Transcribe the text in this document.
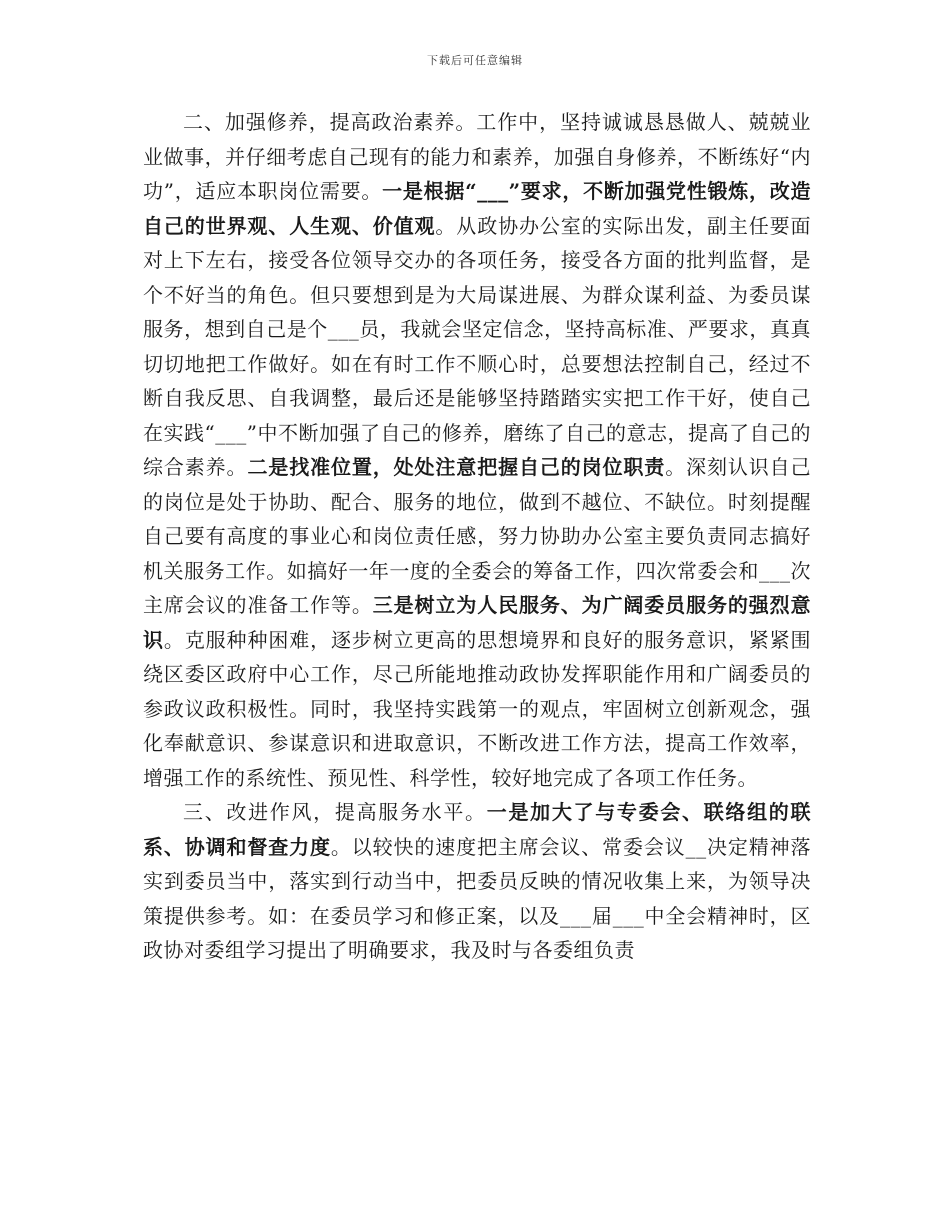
下载后可任意编辑

二、加强修养，提高政治素养。工作中，坚持诚诚恳恳做人、兢兢业业做事，并仔细考虑自己现有的能力和素养，加强自身修养，不断练好“内功”，适应本职岗位需要。一是根据“___”要求，不断加强党性锻炼，改造自己的世界观、人生观、价值观。从政协办公室的实际出发，副主任要面对上下左右，接受各位领导交办的各项任务，接受各方面的批判监督，是个不好当的角色。但只要想到是为大局谋进展、为群众谋利益、为委员谋服务，想到自己是个___员，我就会坚定信念，坚持高标准、严要求，真真切切地把工作做好。如在有时工作不顺心时，总要想法控制自己，经过不断自我反思、自我调整，最后还是能够坚持踏踏实实把工作干好，使自己在实践“___”中不断加强了自己的修养，磨练了自己的意志，提高了自己的综合素养。二是找准位置，处处注意把握自己的岗位职责。深刻认识自己的岗位是处于协助、配合、服务的地位，做到不越位、不缺位。时刻提醒自己要有高度的事业心和岗位责任感，努力协助办公室主要负责同志搞好机关服务工作。如搞好一年一度的全委会的筹备工作，四次常委会和___次主席会议的准备工作等。三是树立为人民服务、为广阔委员服务的强烈意识。克服种种困难，逐步树立更高的思想境界和良好的服务意识，紧紧围绕区委区政府中心工作，尽己所能地推动政协发挥职能作用和广阔委员的参政议政积极性。同时，我坚持实践第一的观点，牢固树立创新观念，强化奉献意识、参谋意识和进取意识，不断改进工作方法，提高工作效率，增强工作的系统性、预见性、科学性，较好地完成了各项工作任务。

三、改进作风，提高服务水平。一是加大了与专委会、联络组的联系、协调和督查力度。以较快的速度把主席会议、常委会议__决定精神落实到委员当中，落实到行动当中，把委员反映的情况收集上来，为领导决策提供参考。如：在委员学习和修正案，以及___届___中全会精神时，区政协对委组学习提出了明确要求，我及时与各委组负责
